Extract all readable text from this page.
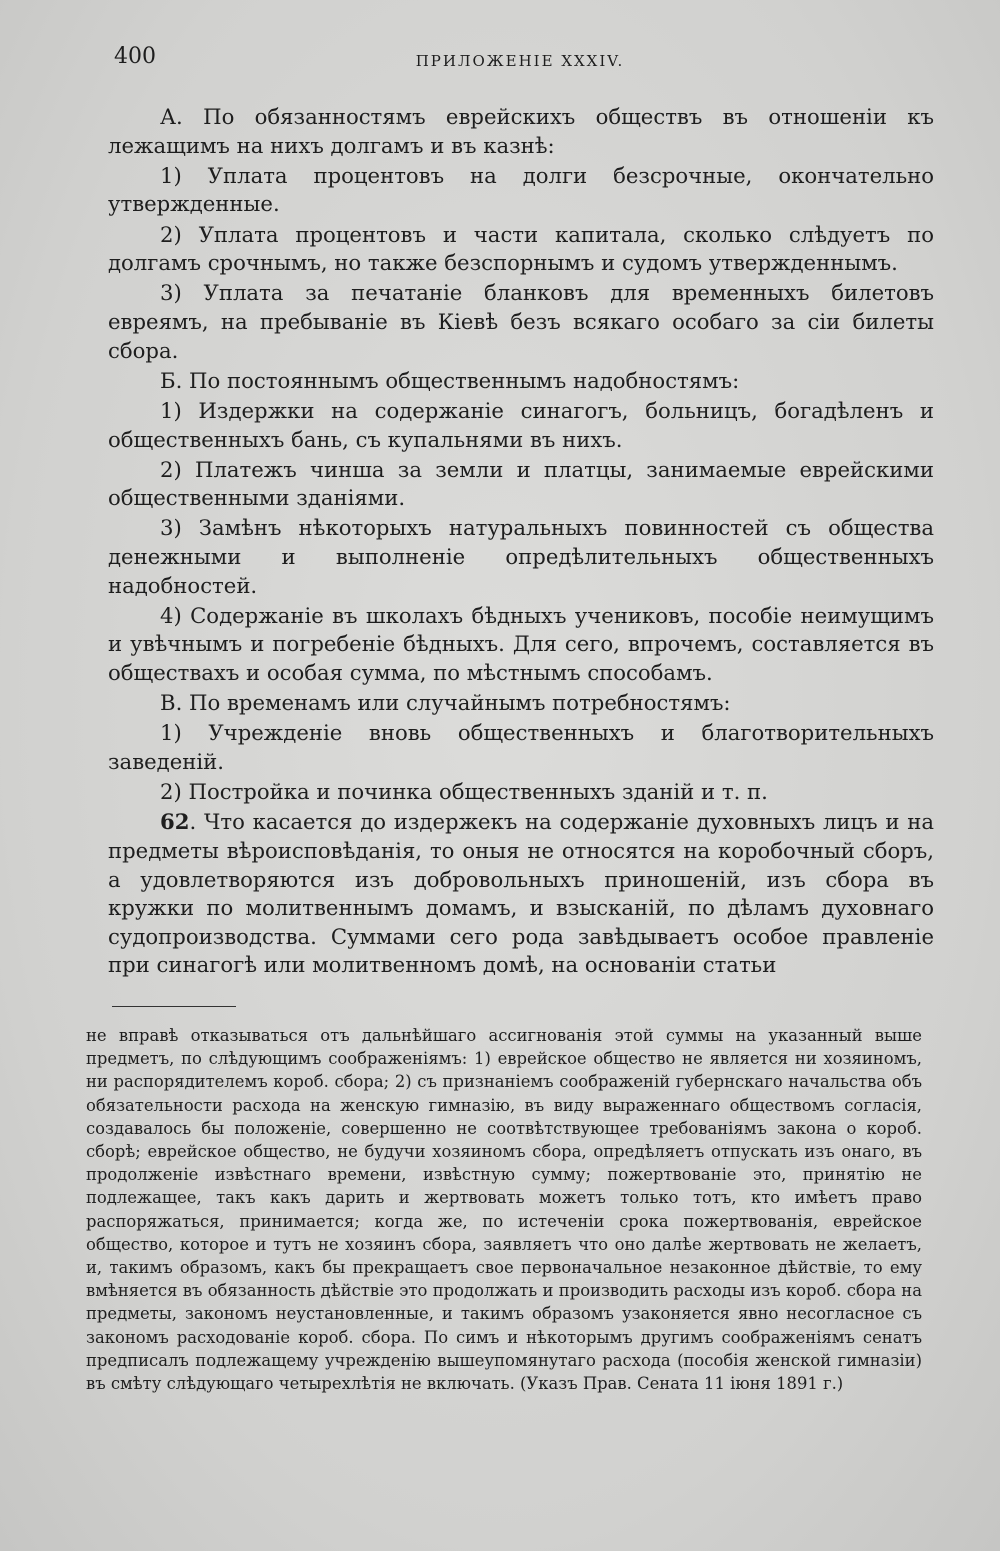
400	ПРИЛОЖЕНІЕ XXXIV.

А. По обязанностямъ еврейскихъ обществъ въ отношеніи къ лежащимъ на нихъ долгамъ и въ казнѣ:

1) Уплата процентовъ на долги безсрочные, окончательно утвержденные.

2) Уплата процентовъ и части капитала, сколько слѣдуетъ по долгамъ срочнымъ, но также безспорнымъ и судомъ утвержденнымъ.

3) Уплата за печатаніе бланковъ для временныхъ билетовъ евреямъ, на пребываніе въ Кіевѣ безъ всякаго особаго за сіи билеты сбора.

Б. По постояннымъ общественнымъ надобностямъ:

1) Издержки на содержаніе синагогъ, больницъ, богадѣленъ и общественныхъ бань, съ купальнями въ нихъ.

2) Платежъ чинша за земли и платцы, занимаемые еврейскими общественными зданіями.

3) Замѣнъ нѣкоторыхъ натуральныхъ повинностей съ общества денежными и выполненіе опредѣлительныхъ общественныхъ надобностей.

4) Содержаніе въ школахъ бѣдныхъ учениковъ, пособіе неимущимъ и увѣчнымъ и погребеніе бѣдныхъ. Для сего, впрочемъ, составляется въ обществахъ и особая сумма, по мѣстнымъ способамъ.

В. По временамъ или случайнымъ потребностямъ:

1) Учрежденіе вновь общественныхъ и благотворительныхъ заведеній.

2) Постройка и починка общественныхъ зданій и т. п.

62. Что касается до издержекъ на содержаніе духовныхъ лицъ и на предметы вѣроисповѣданія, то оныя не относятся на коробочный сборъ, а удовлетворяются изъ добровольныхъ приношеній, изъ сбора въ кружки по молитвеннымъ домамъ, и взысканій, по дѣламъ духовнаго судопроизводства. Суммами сего рода завѣдываетъ особое правленіе при синагогѣ или молитвенномъ домѣ, на основаніи статьи

не вправѣ отказываться отъ дальнѣйшаго ассигнованія этой суммы на указанный выше предметъ, по слѣдующимъ соображеніямъ: 1) еврейское общество не является ни хозяиномъ, ни распорядителемъ короб. сбора; 2) съ признаніемъ соображеній губернскаго начальства объ обязательности расхода на женскую гимназію, въ виду выраженнаго обществомъ согласія, создавалось бы положеніе, совершенно не соотвѣтствующее требованіямъ закона о короб. сборѣ; еврейское общество, не будучи хозяиномъ сбора, опредѣляетъ отпускать изъ онаго, въ продолженіе извѣстнаго времени, извѣстную сумму; пожертвованіе это, принятію не подлежащее, такъ какъ дарить и жертвовать можетъ только тотъ, кто имѣетъ право распоряжаться, принимается; когда же, по истеченіи срока пожертвованія, еврейское общество, которое и тутъ не хозяинъ сбора, заявляетъ что оно далѣе жертвовать не желаетъ, и, такимъ образомъ, какъ бы прекращаетъ свое первоначальное незаконное дѣйствіе, то ему вмѣняется въ обязанность дѣйствіе это продолжать и производить расходы изъ короб. сбора на предметы, закономъ неустановленные, и такимъ образомъ узаконяется явно несогласное съ закономъ расходованіе короб. сбора. По симъ и нѣкоторымъ другимъ соображеніямъ сенатъ предписалъ подлежащему учрежденію вышеупомянутаго расхода (пособія женской гимназіи) въ смѣту слѣдующаго четырехлѣтія не включать. (Указъ Прав. Сената 11 іюня 1891 г.)
